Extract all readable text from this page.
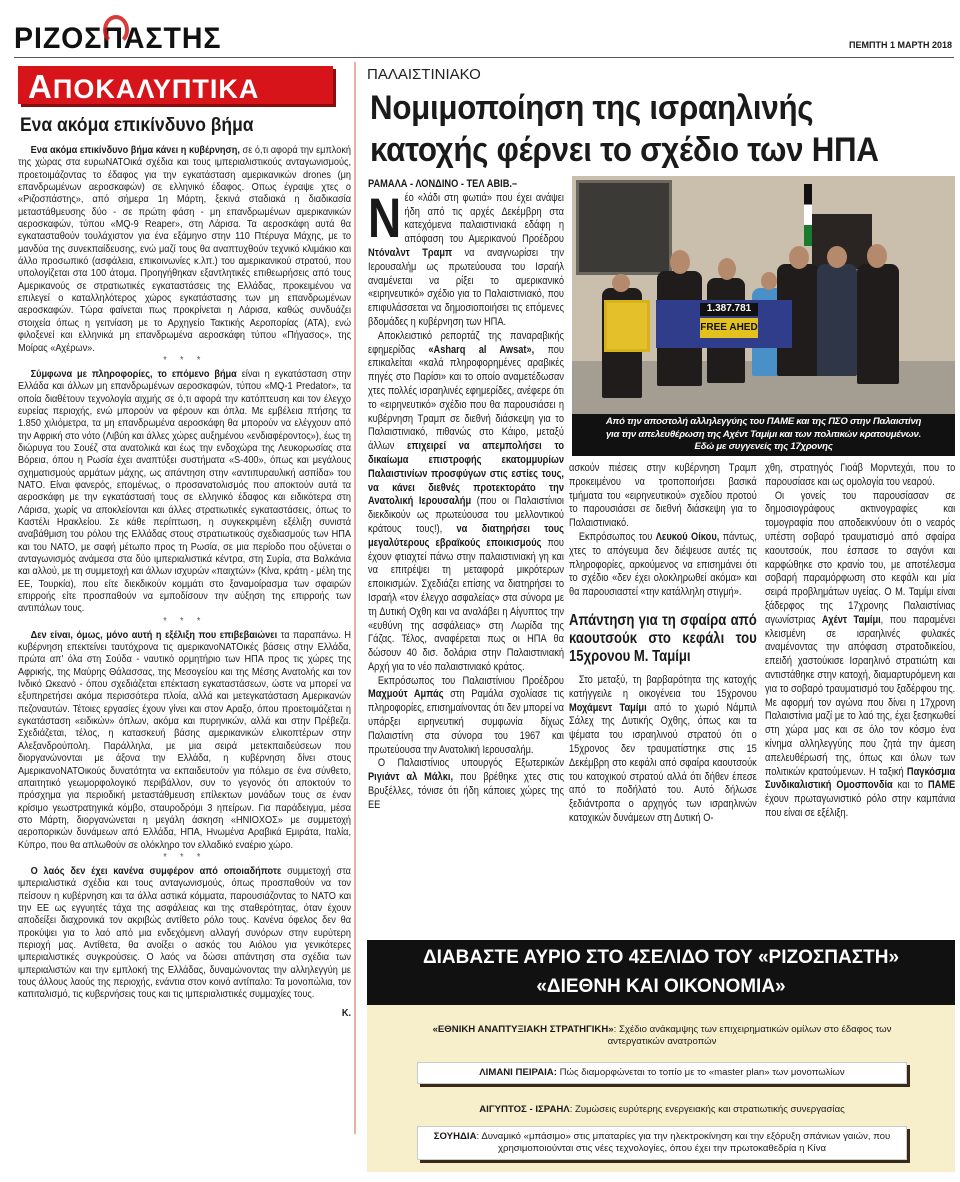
ΡΙΖΟΣΠΑΣΤΗΣ	ΠΕΜΠΤΗ 1 ΜΑΡΤΗ 2018
ΑΠΟΚΑΛΥΠΤΙΚΑ
Ενα ακόμα επικίνδυνο βήμα

Ενα ακόμα επικίνδυνο βήμα κάνει η κυβέρνηση, σε ό,τι αφορά την εμπλοκή της χώρας στα ευρωΝΑΤΟικά σχέδια και τους ιμπεριαλιστικούς ανταγωνισμούς, προετοιμάζοντας το έδαφος για την εγκατάσταση αμερικανικών drones (μη επανδρωμένων αεροσκαφών) σε ελληνικό έδαφος. Οπως έγραψε χτες ο «Ριζοσπάστης», από σήμερα 1η Μάρτη, ξεκινά σταδιακά η διαδικασία μεταστάθμευσης δύο - σε πρώτη φάση - μη επανδρωμένων αμερικανικών αεροσκαφών, τύπου «MQ-9 Reaper», στη Λάρισα. Τα αεροσκάφη αυτά θα εγκατασταθούν τουλάχιστον για ένα εξάμηνο στην 110 Πτέρυγα Μάχης, με το μανδύα της συνεκπαίδευσης, ενώ μαζί τους θα αναπτυχθούν τεχνικό κλιμάκιο και άλλο προσωπικό (ασφάλεια, επικοινωνίες κ.λπ.) του αμερικανικού στρατού, που υπολογίζεται στα 100 άτομα. Προηγήθηκαν εξαντλητικές επιθεωρήσεις από τους Αμερικανούς σε στρατιωτικές εγκαταστάσεις της Ελλάδας, προκειμένου να επιλεγεί ο καταλληλότερος χώρος εγκατάστασης των μη επανδρωμένων αεροσκαφών. Τώρα φαίνεται πως προκρίνεται η Λάρισα, καθώς συνδυάζει στοιχεία όπως η γειτνίαση με το Αρχηγείο Τακτικής Αεροπορίας (ΑΤΑ), ενώ φιλοξενεί και ελληνικά μη επανδρωμένα αεροσκάφη τύπου «Πήγασος», της Μοίρας «Αχέρων».

* * *

Σύμφωνα με πληροφορίες, το επόμενο βήμα είναι η εγκατάσταση στην Ελλάδα και άλλων μη επανδρωμένων αεροσκαφών, τύπου «MQ-1 Predator», τα οποία διαθέτουν τεχνολογία αιχμής σε ό,τι αφορά την κατόπτευση και τον έλεγχο ευρείας περιοχής, ενώ μπορούν να φέρουν και όπλα. Με εμβέλεια πτήσης τα 1.850 χιλιόμετρα, τα μη επανδρωμένα αεροσκάφη θα μπορούν να ελέγχουν από την Αφρική στο νότο (Λιβύη και άλλες χώρες αυξημένου «ενδιαφέροντος»), έως τη διώρυγα του Σουέζ στα ανατολικά και έως την ενδοχώρα της Λευκορωσίας στα Βόρεια, όπου η Ρωσία έχει αναπτύξει συστήματα «S-400», όπως και μεγάλους σχηματισμούς αρμάτων μάχης, ως απάντηση στην «αντιπυραυλική ασπίδα» του ΝΑΤΟ. Είναι φανερός, επομένως, ο προσανατολισμός που αποκτούν αυτά τα αεροσκάφη με την εγκατάστασή τους σε ελληνικό έδαφος και ειδικότερα στη Λάρισα, χωρίς να αποκλείονται και άλλες στρατιωτικές εγκαταστάσεις, όπως το Καστέλι Ηρακλείου. Σε κάθε περίπτωση, η συγκεκριμένη εξέλιξη συνιστά αναβάθμιση του ρόλου της Ελλάδας στους στρατιωτικούς σχεδιασμούς των ΗΠΑ και του ΝΑΤΟ, με σαφή μέτωπο προς τη Ρωσία, σε μια περίοδο που οξύνεται ο ανταγωνισμός ανάμεσα στα δύο ιμπεριαλιστικά κέντρα, στη Συρία, στα Βαλκάνια και αλλού, με τη συμμετοχή και άλλων ισχυρών «παιχτών» (Κίνα, κράτη - μέλη της ΕΕ, Τουρκία), που είτε διεκδικούν κομμάτι στο ξαναμοίρασμα των σφαιρών επιρροής είτε προσπαθούν να εμποδίσουν την αύξηση της επιρροής των αντιπάλων τους.

* * *

Δεν είναι, όμως, μόνο αυτή η εξέλιξη που επιβεβαιώνει τα παραπάνω. Η κυβέρνηση επεκτείνει ταυτόχρονα τις αμερικανοΝΑΤΟικές βάσεις στην Ελλάδα, πρώτα απ' όλα στη Σούδα - ναυτικό ορμητήριο των ΗΠΑ προς τις χώρες της Αφρικής, της Μαύρης Θάλασσας, της Μεσογείου και της Μέσης Ανατολής και τον Ινδικό Ωκεανό - όπου σχεδιάζεται επέκταση εγκαταστάσεων, ώστε να μπορεί να εξυπηρετήσει ακόμα περισσότερα πλοία, αλλά και μετεγκατάσταση Αμερικανών πεζοναυτών. Τέτοιες εργασίες έχουν γίνει και στον Αραξο, όπου προετοιμάζεται η εγκατάσταση «ειδικών» όπλων, ακόμα και πυρηνικών, αλλά και στην Πρέβεζα. Σχεδιάζεται, τέλος, η κατασκευή βάσης αμερικανικών ελικοπτέρων στην Αλεξανδρούπολη. Παράλληλα, με μια σειρά μετεκπαιδεύσεων που διοργανώνονται με άξονα την Ελλάδα, η κυβέρνηση δίνει στους ΑμερικανοΝΑΤΟικούς δυνατότητα να εκπαιδευτούν για πόλεμο σε ένα σύνθετο, απαιτητικό γεωμορφολογικό περιβάλλον, συν το γεγονός ότι αποκτούν το πρόσχημα για περιοδική μεταστάθμευση επίλεκτων μονάδων τους σε έναν κρίσιμο γεωστρατηγικά κόμβο, σταυροδρόμι 3 ηπείρων. Για παράδειγμα, μέσα στο Μάρτη, διοργανώνεται η μεγάλη άσκηση «ΗΝΙΟΧΟΣ» με συμμετοχή αεροπορικών δυνάμεων από Ελλάδα, ΗΠΑ, Ηνωμένα Αραβικά Εμιράτα, Ιταλία, Κύπρο, που θα απλωθούν σε ολόκληρο τον ελλαδικό εναέριο χώρο.

* * *

Ο λαός δεν έχει κανένα συμφέρον από οποιαδήποτε συμμετοχή στα ιμπεριαλιστικά σχέδια και τους ανταγωνισμούς, όπως προσπαθούν να τον πείσουν η κυβέρνηση και τα άλλα αστικά κόμματα, παρουσιάζοντας το ΝΑΤΟ και την ΕΕ ως εγγυητές τάχα της ασφάλειας και της σταθερότητας, όταν έχουν αποδείξει διαχρονικά τον ακριβώς αντίθετο ρόλο τους. Κανένα όφελος δεν θα προκύψει για το λαό από μια ενδεχόμενη αλλαγή συνόρων στην ευρύτερη περιοχή μας. Αντίθετα, θα ανοίξει ο ασκός του Αιόλου για γενικότερες ιμπεριαλιστικές συγκρούσεις. Ο λαός να δώσει απάντηση στα σχέδια των ιμπεριαλιστών και την εμπλοκή της Ελλάδας, δυναμώνοντας την αλληλεγγύη με τους άλλους λαούς της περιοχής, ενάντια στον κοινό αντίπαλο: Τα μονοπώλια, τον καπιταλισμό, τις κυβερνήσεις τους και τις ιμπεριαλιστικές συμμαχίες τους.

Κ.

ΠΑΛΑΙΣΤΙΝΙΑΚΟ
Νομιμοποίηση της ισραηλινής κατοχής φέρνει το σχέδιο των ΗΠΑ

ΡΑΜΑΛΑ - ΛΟΝΔΙΝΟ - ΤΕΛ ΑΒΙΒ.–

Ν έο «λάδι στη φωτιά» που έχει ανάψει ήδη από τις αρχές Δεκέμβρη στα κατεχόμενα παλαιστινιακά εδάφη η απόφαση του Αμερικανού Προέδρου Ντόναλντ Τραμπ να αναγνωρίσει την Ιερουσαλήμ ως πρωτεύουσα του Ισραήλ αναμένεται να ρίξει το αμερικανικό «ειρηνευτικό» σχέδιο για το Παλαιστινιακό, που επιφυλάσσεται να δημοσιοποιήσει τις επόμενες βδομάδες η κυβέρνηση των ΗΠΑ.

Αποκλειστικό ρεπορτάζ της παναραβικής εφημερίδας «Asharq al Awsat», που επικαλείται «καλά πληροφορημένες αραβικές πηγές στο Παρίσι» και το οποίο αναμετέδωσαν χτες πολλές ισραηλινές εφημερίδες, ανέφερε ότι το «ειρηνευτικό» σχέδιο που θα παρουσιάσει η κυβέρνηση Τραμπ σε διεθνή διάσκεψη για το Παλαιστινιακό, πιθανώς στο Κάιρο, μεταξύ άλλων επιχειρεί να απεμπολήσει το δικαίωμα επιστροφής εκατομμυρίων Παλαιστινίων προσφύγων στις εστίες τους, να κάνει διεθνές προτεκτοράτο την Ανατολική Ιερουσαλήμ (που οι Παλαιστίνιοι διεκδικούν ως πρωτεύουσα του μελλοντικού κράτους τους!), να διατηρήσει τους μεγαλύτερους εβραϊκούς εποικισμούς που έχουν φτιαχτεί πάνω στην παλαιστινιακή γη και να επιτρέψει τη μεταφορά μικρότερων εποικισμών. Σχεδιάζει επίσης να διατηρήσει το Ισραήλ «τον έλεγχο ασφαλείας» στα σύνορα με τη Δυτική Οχθη και να αναλάβει η Αίγυπτος την «ευθύνη της ασφάλειας» στη Λωρίδα της Γάζας. Τέλος, αναφέρεται πως οι ΗΠΑ θα δώσουν 40 δισ. δολάρια στην Παλαιστινιακή Αρχή για το νέο παλαιστινιακό κράτος.

Εκπρόσωπος του Παλαιστίνιου Προέδρου Μαχμούτ Αμπάς στη Ραμάλα σχολίασε τις πληροφορίες, επισημαίνοντας ότι δεν μπορεί να υπάρξει ειρηνευτική συμφωνία δίχως Παλαιστίνη στα σύνορα του 1967 και πρωτεύουσα την Ανατολική Ιερουσαλήμ.

Ο Παλαιστίνιος υπουργός Εξωτερικών Ριγιάντ αλ Μάλκι, που βρέθηκε χτες στις Βρυξέλλες, τόνισε ότι ήδη κάποιες χώρες της ΕΕ

1.387.781
FREE AHED
Από την αποστολή αλληλεγγύης του ΠΑΜΕ και της ΠΣΟ στην Παλαιστίνη
για την απελευθέρωση της Αχέντ Ταμίμι και των πολιτικών κρατουμένων.
Εδώ με συγγενείς της 17χρονης

ασκούν πιέσεις στην κυβέρνηση Τραμπ προκειμένου να τροποποιήσει βασικά τμήματα του «ειρηνευτικού» σχεδίου προτού το παρουσιάσει σε διεθνή διάσκεψη για το Παλαιστινιακό.

Εκπρόσωπος του Λευκού Οίκου, πάντως, χτες το απόγευμα δεν διέψευσε αυτές τις πληροφορίες, αρκούμενος να επισημάνει ότι το σχέδιο «δεν έχει ολοκληρωθεί ακόμα» και θα παρουσιαστεί «την κατάλληλη στιγμή».

Απάντηση για τη σφαίρα από καουτσούκ στο κεφάλι του 15χρονου Μ. Ταμίμι

Στο μεταξύ, τη βαρβαρότητα της κατοχής κατήγγειλε η οικογένεια του 15χρονου Μοχάμεντ Ταμίμι από το χωριό Νάμπιλ Σάλεχ της Δυτικής Οχθης, όπως και τα ψέματα του ισραηλινού στρατού ότι ο 15χρονος δεν τραυματίστηκε στις 15 Δεκέμβρη στο κεφάλι από σφαίρα καουτσούκ του κατοχικού στρατού αλλά ότι δήθεν έπεσε από το ποδήλατό του. Αυτό δήλωσε ξεδιάντροπα ο αρχηγός των ισραηλινών κατοχικών δυνάμεων στη Δυτική Ο-

χθη, στρατηγός Γιοάβ Μορντεχάι, που το παρουσίασε και ως ομολογία του νεαρού.

Οι γονείς του παρουσίασαν σε δημοσιογράφους ακτινογραφίες και τομογραφία που αποδεικνύουν ότι ο νεαρός υπέστη σοβαρό τραυματισμό από σφαίρα καουτσούκ, που έσπασε το σαγόνι και καρφώθηκε στο κρανίο του, με αποτέλεσμα σοβαρή παραμόρφωση στο κεφάλι και μία σειρά προβλημάτων υγείας. Ο Μ. Ταμίμι είναι ξάδερφος της 17χρονης Παλαιστίνιας αγωνίστριας Αχέντ Ταμίμι, που παραμένει κλεισμένη σε ισραηλινές φυλακές αναμένοντας την απόφαση στρατοδικείου, επειδή χαστούκισε Ισραηλινό στρατιώτη και αντιστάθηκε στην κατοχή, διαμαρτυρόμενη και για το σοβαρό τραυματισμό του ξαδέρφου της. Με αφορμή τον αγώνα που δίνει η 17χρονη Παλαιστίνια μαζί με το λαό της, έχει ξεσηκωθεί στη χώρα μας και σε όλο τον κόσμο ένα κίνημα αλληλεγγύης που ζητά την άμεση απελευθέρωσή της, όπως και όλων των πολιτικών κρατούμενων. Η ταξική Παγκόσμια Συνδικαλιστική Ομοσπονδία και το ΠΑΜΕ έχουν πρωταγωνιστικό ρόλο στην καμπάνια που είναι σε εξέλιξη.

ΔΙΑΒΑΣΤΕ ΑΥΡΙΟ ΣΤΟ 4ΣΕΛΙΔΟ ΤΟΥ «ΡΙΖΟΣΠΑΣΤΗ»
«ΔΙΕΘΝΗ ΚΑΙ ΟΙΚΟΝΟΜΙΑ»
«ΕΘΝΙΚΗ ΑΝΑΠΤΥΞΙΑΚΗ ΣΤΡΑΤΗΓΙΚΗ»: Σχέδιο ανάκαμψης των επιχειρηματικών ομίλων στο έδαφος των αντεργατικών ανατροπών
ΛΙΜΑΝΙ ΠΕΙΡΑΙΑ: Πώς διαμορφώνεται το τοπίο με το «master plan» των μονοπωλίων
ΑΙΓΥΠΤΟΣ - ΙΣΡΑΗΛ: Ζυμώσεις ευρύτερης ενεργειακής και στρατιωτικής συνεργασίας
ΣΟΥΗΔΙΑ: Δυναμικό «μπάσιμο» στις μπαταρίες για την ηλεκτροκίνηση και την εξόρυξη σπάνιων γαιών, που χρησιμοποιούνται στις νέες τεχνολογίες, όπου έχει την πρωτοκαθεδρία η Κίνα
